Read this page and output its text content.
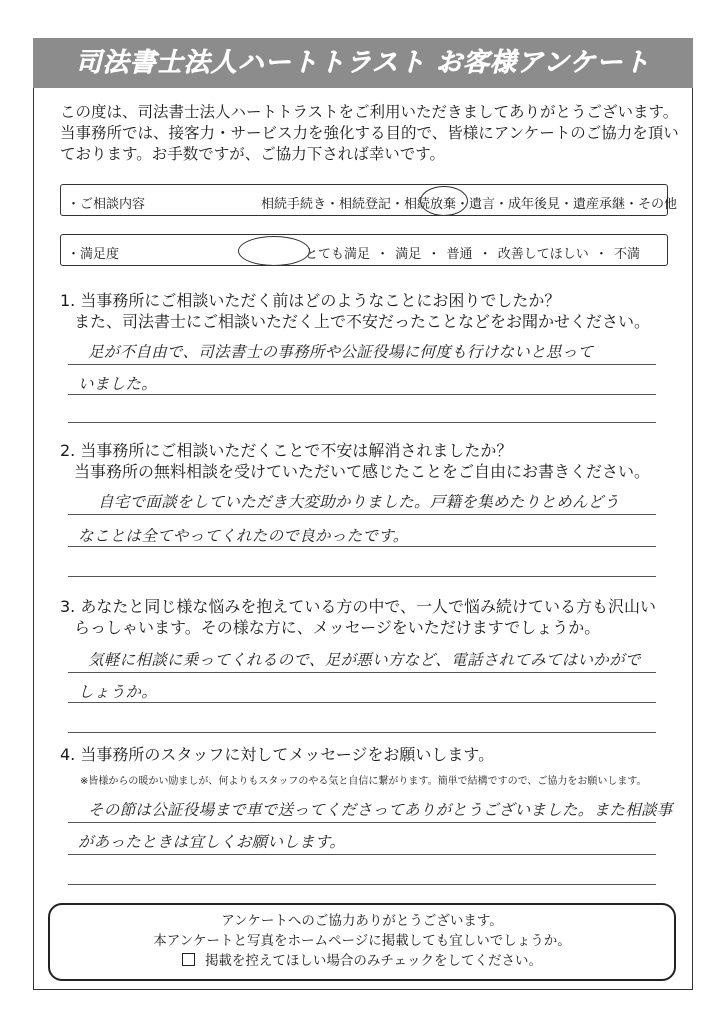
司法書士法人ハートトラスト お客様アンケート
この度は、司法書士法人ハートトラストをご利用いただきましてありがとうございます。
当事務所では、接客力・サービス力を強化する目的で、皆様にアンケートのご協力を頂い
ております。お手数ですが、ご協力下されば幸いです。
・ご相談内容	相続手続き・相続登記・相続放棄・遺言・成年後見・遺産承継・その他
・満足度	とても満足 ・ 満足 ・ 普通 ・ 改善してほしい ・ 不満
1. 当事務所にご相談いただく前はどのようなことにお困りでしたか？
また、司法書士にご相談いただく上で不安だったことなどをお聞かせください。
足が不自由で、司法書士の事務所や公証役場に何度も行けないと思って
いました。
2. 当事務所にご相談いただくことで不安は解消されましたか？
当事務所の無料相談を受けていただいて感じたことをご自由にお書きください。
自宅で面談をしていただき大変助かりました。戸籍を集めたりとめんどう
なことは全てやってくれたので良かったです。
3. あなたと同じ様な悩みを抱えている方の中で、一人で悩み続けている方も沢山い
らっしゃいます。その様な方に、メッセージをいただけますでしょうか。
気軽に相談に乗ってくれるので、足が悪い方など、電話されてみてはいかがで
しょうか。
4. 当事務所のスタッフに対してメッセージをお願いします。
※皆様からの暖かい励ましが、何よりもスタッフのやる気と自信に繋がります。簡単で結構ですので、ご協力をお願いします。
その節は公証役場まで車で送ってくださってありがとうございました。また相談事
があったときは宜しくお願いします。
アンケートへのご協力ありがとうございます。
本アンケートと写真をホームページに掲載しても宜しいでしょうか。
掲載を控えてほしい場合のみチェックをしてください。
